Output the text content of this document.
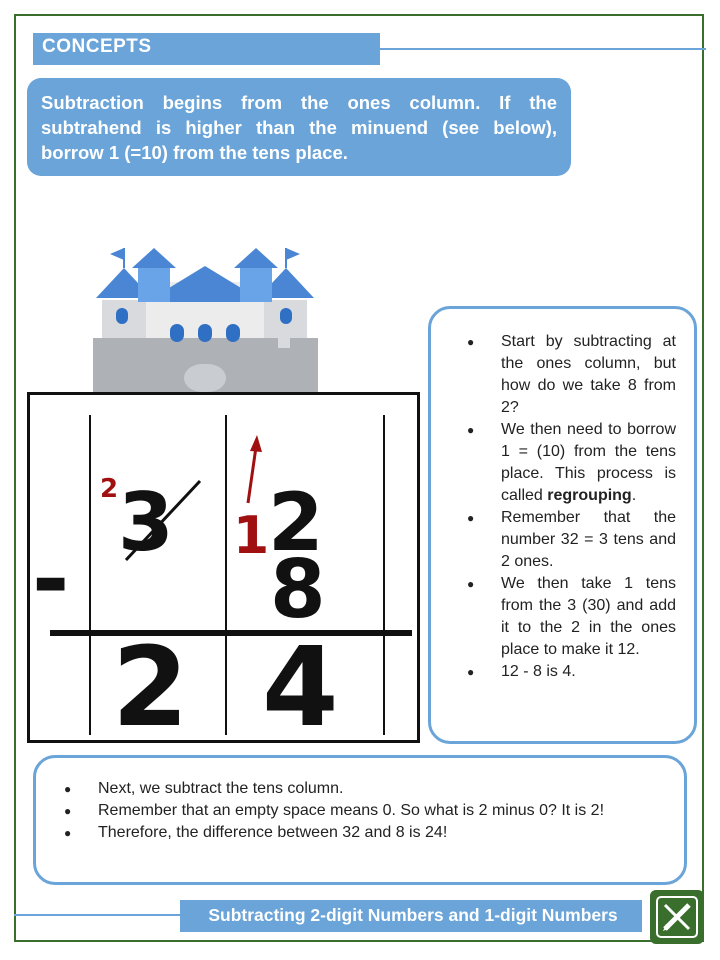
CONCEPTS
Subtraction begins from the ones column. If the subtrahend is higher than the minuend (see below), borrow 1 (=10) from the tens place.
2 3 1
2
-	8
2 4
● Start by subtracting at the ones column, but how do we take 8 from 2?
● We then need to borrow 1 = (10) from the tens place. This process is called regrouping.
● Remember that the number 32 = 3 tens and 2 ones.
● We then take 1 tens from the 3 (30) and add it to the 2 in the ones place to make it 12.
● 12 - 8 is 4.
● Next, we subtract the tens column.
● Remember that an empty space means 0. So what is 2 minus 0? It is 2!
● Therefore, the difference between 32 and 8 is 24!
Subtracting 2-digit Numbers and 1-digit Numbers
